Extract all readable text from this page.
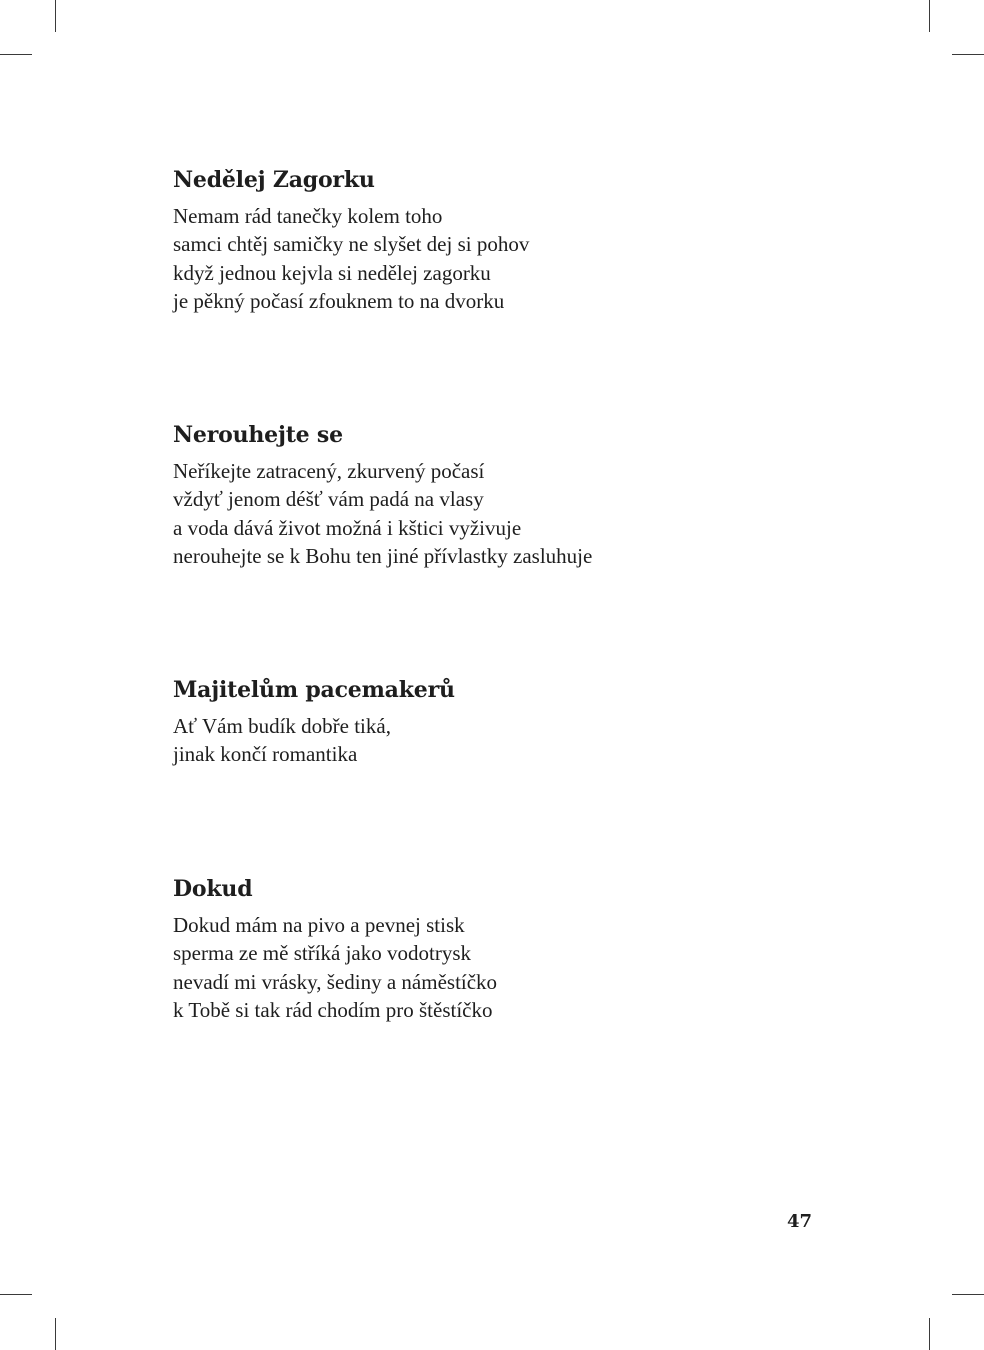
Nedělej Zagorku
Nemam rád tanečky kolem toho
samci chtěj samičky ne slyšet dej si pohov
když jednou kejvla si nedělej zagorku
je pěkný počasí zfouknem to na dvorku
Nerouhejte se
Neříkejte zatracený, zkurvený počasí
vždyť jenom déšť vám padá na vlasy
a voda dává život možná i kštici vyživuje
nerouhejte se k Bohu ten jiné přívlastky zasluhuje
Majitelům pacemakerů
Ať Vám budík dobře tiká,
jinak končí romantika
Dokud
Dokud mám na pivo a pevnej stisk
sperma ze mě stříká jako vodotrysk
nevadí mi vrásky, šediny a náměstíčko
k Tobě si tak rád chodím pro štěstíčko
47
